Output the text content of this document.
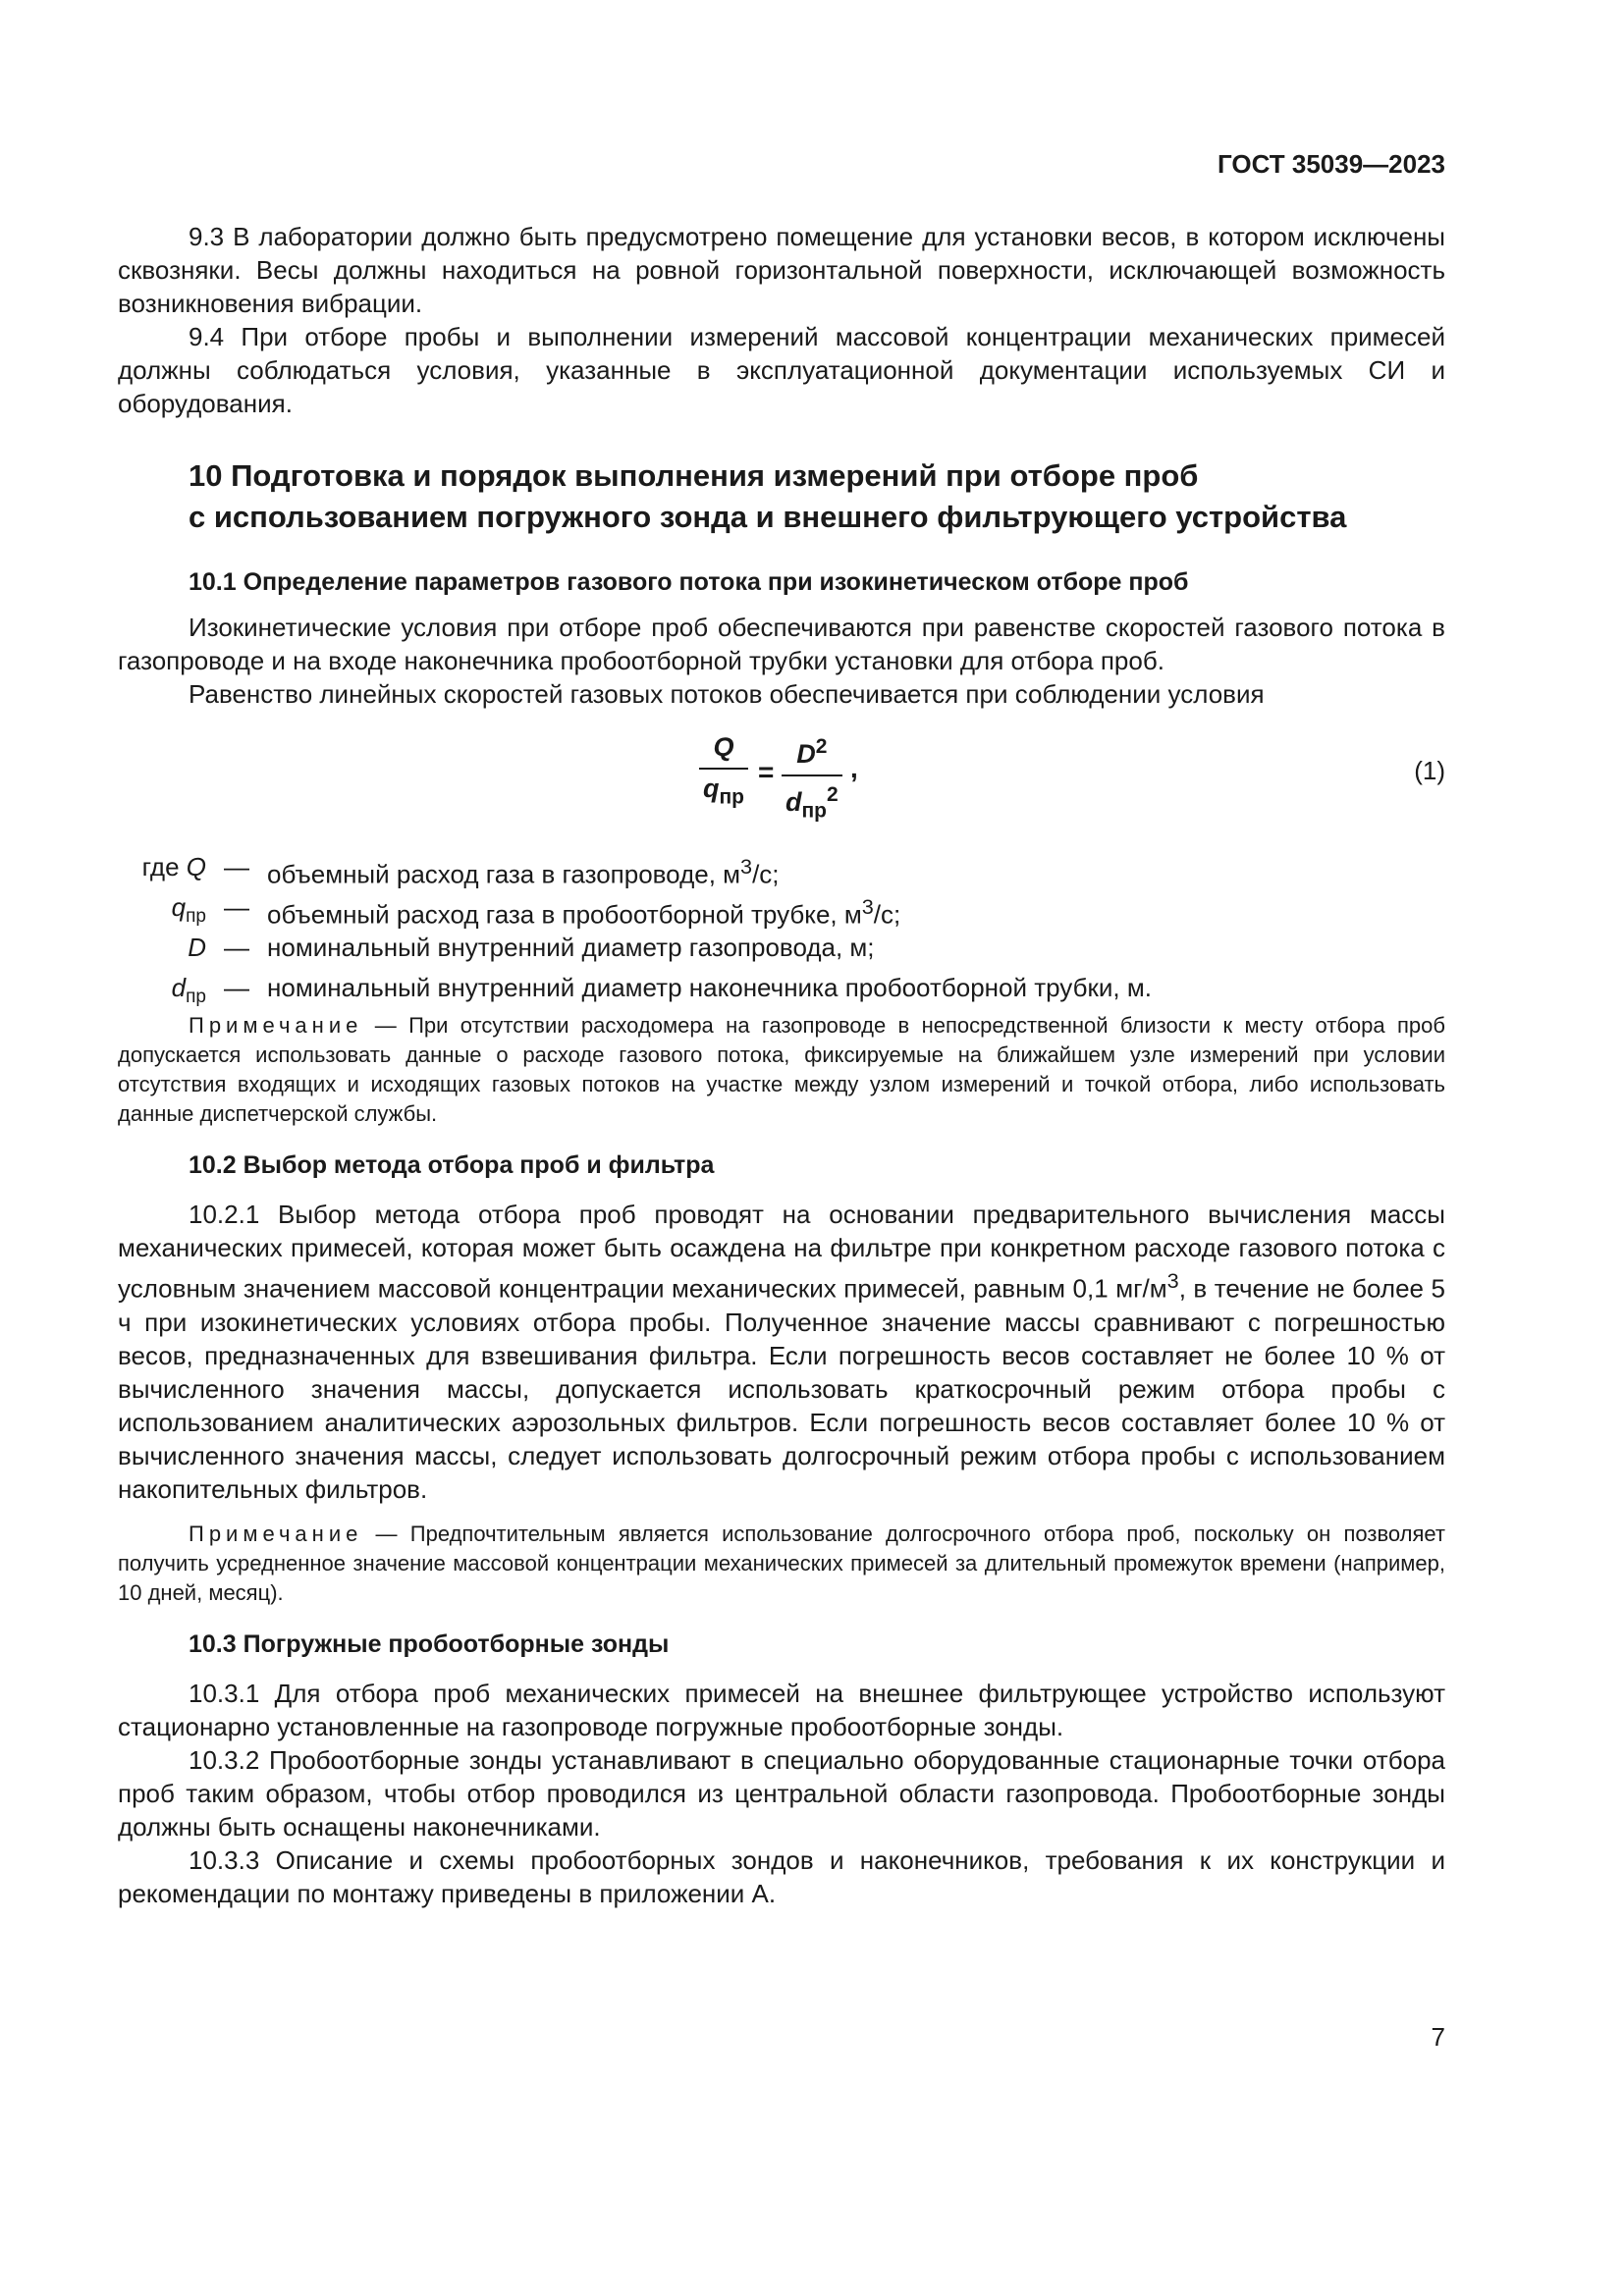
ГОСТ 35039—2023

9.3 В лаборатории должно быть предусмотрено помещение для установки весов, в котором исключены сквозняки. Весы должны находиться на ровной горизонтальной поверхности, исключающей возможность возникновения вибрации.

9.4 При отборе пробы и выполнении измерений массовой концентрации механических примесей должны соблюдаться условия, указанные в эксплуатационной документации используемых СИ и оборудования.

10 Подготовка и порядок выполнения измерений при отборе проб
с использованием погружного зонда и внешнего фильтрующего устройства
10.1 Определение параметров газового потока при изокинетическом отборе проб

Изокинетические условия при отборе проб обеспечиваются при равенстве скоростей газового потока в газопроводе и на входе наконечника пробоотборной трубки установки для отбора проб.

Равенство линейных скоростей газовых потоков обеспечивается при соблюдении условия

Q
$q_{пр}$
=
$D^2$
$d_{пр}^2$
,	(1)
где Q — объемный расход газа в газопроводе, $м^3/с$;
$q_{пр}$ — объемный расход газа в пробоотборной трубке, $м^3/с$;
D — номинальный внутренний диаметр газопровода, м;
$d_{пр}$ — номинальный внутренний диаметр наконечника пробоотборной трубки, м.

Примечание — При отсутствии расходомера на газопроводе в непосредственной близости к месту отбора проб допускается использовать данные о расходе газового потока, фиксируемые на ближайшем узле измерений при условии отсутствия входящих и исходящих газовых потоков на участке между узлом измерений и точкой отбора, либо использовать данные диспетчерской службы.

10.2 Выбор метода отбора проб и фильтра

10.2.1 Выбор метода отбора проб проводят на основании предварительного вычисления массы механических примесей, которая может быть осаждена на фильтре при конкретном расходе газового потока с условным значением массовой концентрации механических примесей, равным 0,1 $мг/м^3$, в течение не более 5 ч при изокинетических условиях отбора пробы. Полученное значение массы сравнивают с погрешностью весов, предназначенных для взвешивания фильтра. Если погрешность весов составляет не более 10 % от вычисленного значения массы, допускается использовать краткосрочный режим отбора пробы с использованием аналитических аэрозольных фильтров. Если погрешность весов составляет более 10 % от вычисленного значения массы, следует использовать долгосрочный режим отбора пробы с использованием накопительных фильтров.

Примечание — Предпочтительным является использование долгосрочного отбора проб, поскольку он позволяет получить усредненное значение массовой концентрации механических примесей за длительный промежуток времени (например, 10 дней, месяц).

10.3 Погружные пробоотборные зонды

10.3.1 Для отбора проб механических примесей на внешнее фильтрующее устройство используют стационарно установленные на газопроводе погружные пробоотборные зонды.

10.3.2 Пробоотборные зонды устанавливают в специально оборудованные стационарные точки отбора проб таким образом, чтобы отбор проводился из центральной области газопровода. Пробоотборные зонды должны быть оснащены наконечниками.

10.3.3 Описание и схемы пробоотборных зондов и наконечников, требования к их конструкции и рекомендации по монтажу приведены в приложении А.

7
